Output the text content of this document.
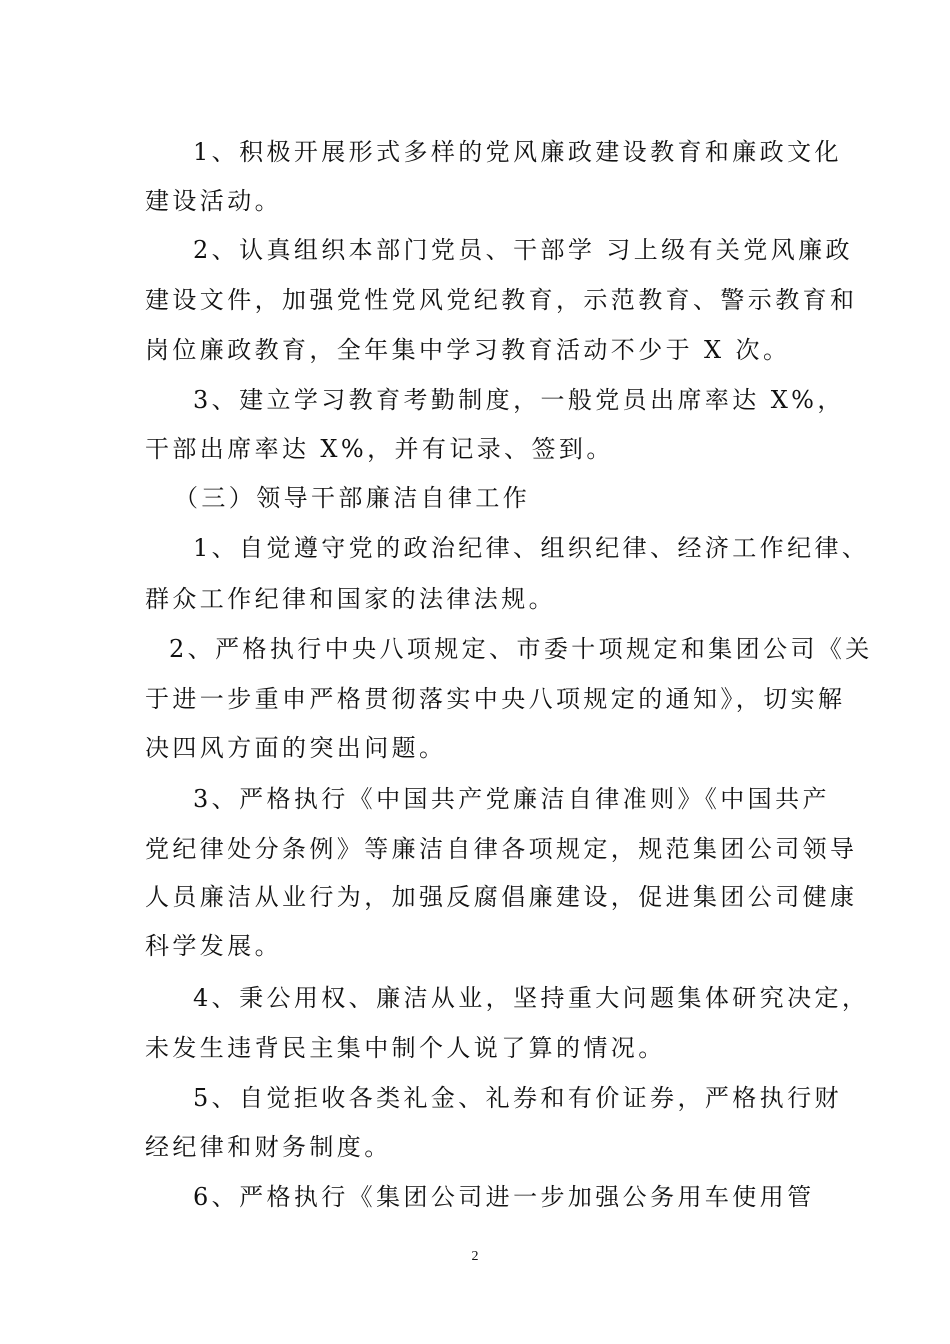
1、积极开展形式多样的党风廉政建设教育和廉政文化
建设活动。
2、认真组织本部门党员、干部学 习上级有关党风廉政
建设文件，加强党性党风党纪教育，示范教育、警示教育和
岗位廉政教育，全年集中学习教育活动不少于 X 次。
3、建立学习教育考勤制度，一般党员出席率达 X%，
干部出席率达 X%，并有记录、签到。
（三）领导干部廉洁自律工作
1、自觉遵守党的政治纪律、组织纪律、经济工作纪律、
群众工作纪律和国家的法律法规。
2、严格执行中央八项规定、市委十项规定和集团公司《关
于进一步重申严格贯彻落实中央八项规定的通知》，切实解
决四风方面的突出问题。
3、严格执行《中国共产党廉洁自律准则》《中国共产
党纪律处分条例》等廉洁自律各项规定，规范集团公司领导
人员廉洁从业行为，加强反腐倡廉建设，促进集团公司健康
科学发展。
4、秉公用权、廉洁从业，坚持重大问题集体研究决定，
未发生违背民主集中制个人说了算的情况。
5、自觉拒收各类礼金、礼券和有价证券，严格执行财
经纪律和财务制度。
6、严格执行《集团公司进一步加强公务用车使用管
2
